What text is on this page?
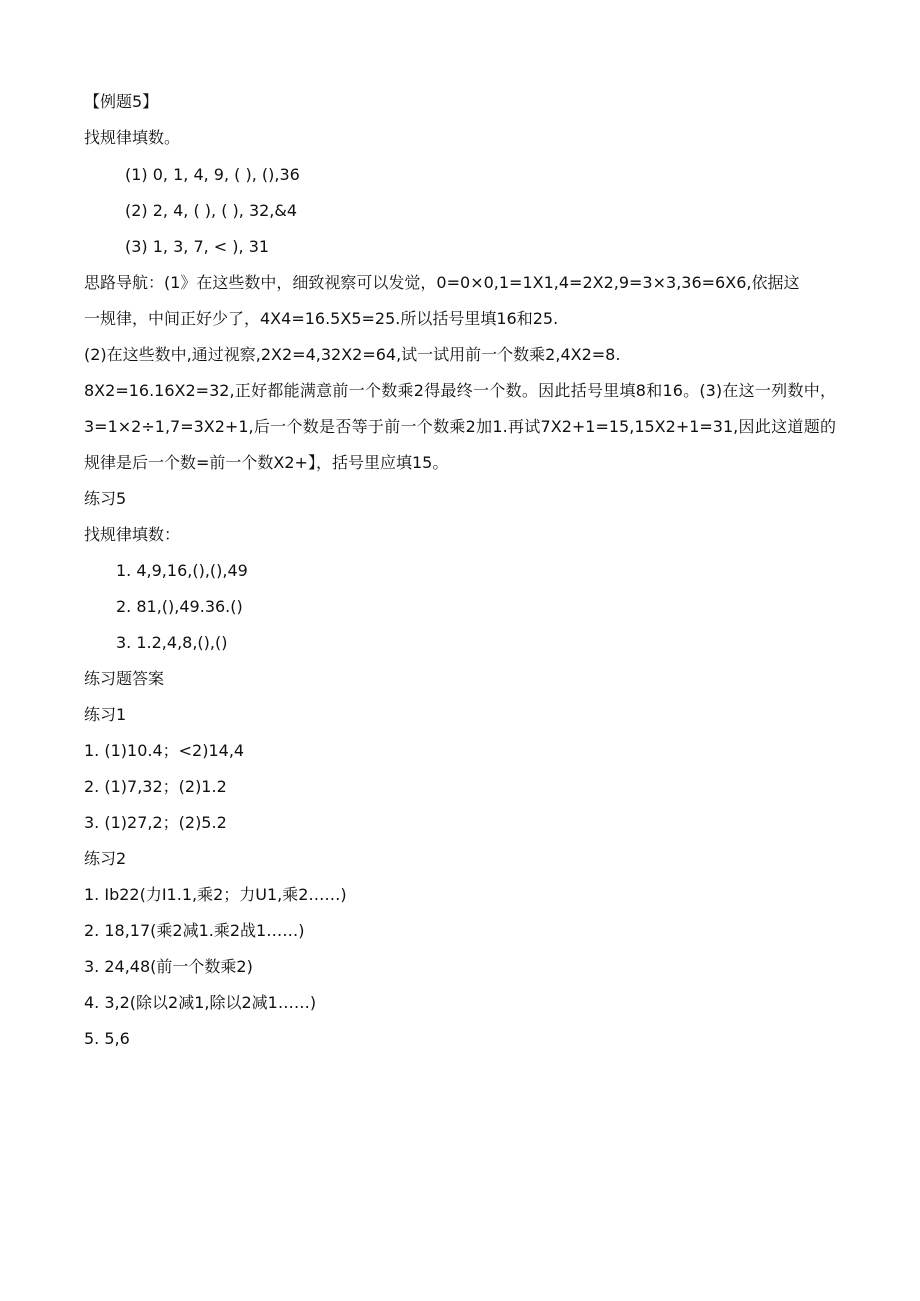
【例题5】
找规律填数。
(1) 0, 1, 4, 9, ( ), (),36
(2) 2, 4, ( ), ( ), 32,&4
(3) 1, 3, 7, < ), 31
思路导航：(1》在这些数中，细致视察可以发觉，0=0×0,1=1X1,4=2X2,9=3×3,36=6X6,依据这
一规律，中间正好少了，4X4=16.5X5=25.所以括号里填16和25.
(2)在这些数中,通过视察,2X2=4,32X2=64,试一试用前一个数乘2,4X2=8.
8X2=16.16X2=32,正好都能满意前一个数乘2得最终一个数。因此括号里填8和16。(3)在这一列数中，3=1×2÷1,7=3X2+1,后一个数是否等于前一个数乘2加1.再试7X2+1=15,15X2+1=31,因此这道题的规律是后一个数=前一个数X2+】，括号里应填15。
练习5
找规律填数：
1. 4,9,16,(),(),49
2. 81,(),49.36.()
3. 1.2,4,8,(),()
练习题答案
练习1
1. (1)10.4；<2)14,4
2. (1)7,32；(2)1.2
3. (1)27,2；(2)5.2
练习2
1. Ib22(力I1.1,乘2；力U1,乘2……)
2. 18,17(乘2减1.乘2战1……)
3. 24,48(前一个数乘2)
4. 3,2(除以2减1,除以2减1……)
5. 5,6
